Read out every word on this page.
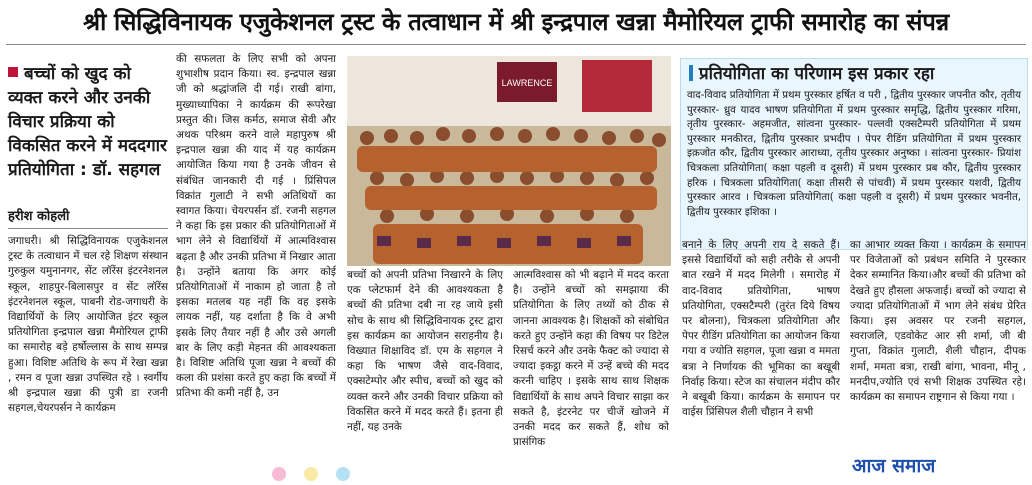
श्री सिद्धिविनायक एजुकेशनल ट्रस्ट के तत्वाधान में श्री इन्द्रपाल खन्ना मैमोरियल ट्राफी समारोह का संपन्न
बच्चों को खुद को व्यक्त करने और उनकी विचार प्रक्रिया को विकसित करने में मददगार प्रतियोगिता : डॉ. सहगल
हरीश कोहली
जगाधरी। श्री सिद्धिविनायक एजुकेशनल ट्रस्ट के तत्वाधान में चल रहे शिक्षण संस्थान गुरुकुल यमुनानगर, सेंट लॉरेंस इंटरनेशनल स्कूल, शाहपुर-बिलासपुर व सेंट लॉरेंस इंटरनेशनल स्कूल, पाबनी रोड-जगाधरी के विद्यार्थियों के लिए आयोजित इंटर स्कूल प्रतियोगिता इन्द्रपाल खन्ना मैमोरियल ट्राफी का समारोह बड़े हर्षोल्लास के साथ सम्पन्न हुआ। विशिष्ट अतिथि के रूप में रेखा खन्ना , रमन व पूजा खन्ना उपस्थित रहे । स्वर्गीय श्री इन्द्रपाल खन्ना की पुत्री डा रजनी सहगल,चेयरपर्सन ने कार्यक्रम
की सफलता के लिए सभी को अपना शुभाशीष प्रदान किया। स्व. इन्द्रपाल खन्ना जी को श्रद्धांजलि दी गई। राखी बांगा, मुख्याध्यापिका ने कार्यक्रम की रूपरेखा प्रस्तुत की। जिस कर्मठ, समाज सेवी और अथक परिश्रम करने वाले महापुरुष श्री इन्द्रपाल खन्ना की याद में यह कार्यक्रम आयोजित किया गया है उनके जीवन से संबंधित जानकारी दी गई । प्रिंसिपल विक्रांत गुलाटी ने सभी अतिथियों का स्वागत किया। चेयरपर्सन डॉ. रजनी सहगल ने कहा कि इस प्रकार की प्रतियोगिताओं में भाग लेने से विद्यार्थियों में आत्मविश्वास बढ़ता है और उनकी प्रतिभा में निखार आता है। उन्होंने बताया कि अगर कोई प्रतियोगिताओं में नाकाम हो जाता है तो इसका मतलब यह नहीं कि वह इसके लायक नहीं, यह दर्शाता है कि वे अभी इसके लिए तैयार नहीं है और उसे अगली बार के लिए कड़ी मेहनत की आवश्यकता है। विशिष्ट अतिथि पूजा खन्ना ने बच्चों की कला की प्रशंसा करते हुए कहा कि बच्चों में प्रतिभा की कमी नहीं है, उन
LAWRENCE	प्रतियोगिता का परिणाम इस प्रकार रहा
वाद-विवाद प्रतियोगिता में प्रथम पुरस्कार हर्षित व परी , द्वितीय पुरस्कार जपनीत कौर, तृतीय पुरस्कार- ध्रुव यादव भाषण प्रतियोगिता में प्रथम पुरस्कार समृद्धि, द्वितीय पुरस्कार गरिमा, तृतीय पुरस्कार- अहमजीत, सांत्वना पुरस्कार- पल्लवी एक्सटैम्परी प्रतियोगिता में प्रथम पुरस्कार मनकीरत, द्वितीय पुरस्कार प्रभदीप । पेपर रीडिंग प्रतियोगिता में प्रथम पुरस्कार इक़जोत कौर, द्वितीय पुरस्कार आराध्या, तृतीय पुरस्कार अनुष्का । सांत्वना पुरस्कार- प्रियांश चित्रकला प्रतियोगिता( कक्षा पहली व दूसरी) में प्रथम पुरस्कार प्रब कौर, द्वितीय पुरस्कार हरिक । चित्रकला प्रतियोगिता( कक्षा तीसरी से पांचवी) में प्रथम पुरस्कार यशवी, द्वितीय पुरस्कार आरव । चित्रकला प्रतियोगिता( कक्षा पहली व दूसरी) में प्रथम पुरस्कार भवनीत, द्वितीय पुरस्कार इशिका ।
बच्चों को अपनी प्रतिभा निखारने के लिए एक प्लेटफार्म देने की आवश्यकता है बच्चों की प्रतिभा दबी ना रह जाये इसी सोच के साथ श्री सिद्धिविनायक ट्रस्ट द्वारा इस कार्यक्रम का आयोजन सराहनीय है। विख्यात शिक्षाविद डॉ. एम के सहगल ने कहा कि भाषण जैसे वाद-विवाद, एक्सटेम्पोर और स्पीच, बच्चों को खुद को व्यक्त करने और उनकी विचार प्रक्रिया को विकसित करने में मदद करते हैं। इतना ही नहीं, यह उनके
आत्मविश्वास को भी बढ़ाने में मदद करता है। उन्होंने बच्चों को समझाया की प्रतियोगिता के लिए तथ्यों को ठीक से जानना आवश्यक है। शिक्षकों को संबोधित करते हुए उन्होंने कहा की विषय पर डिटेल रिसर्च करने और उनके फैक्ट को ज्यादा से ज्यादा इकट्ठा करने में उन्हें बच्चे की मदद करनी चाहिए । इसके साथ साथ शिक्षक विद्यार्थियों के साथ अपने विचार साझा कर सकते है, इंटरनेट पर चीजें खोजने में उनकी मदद कर सकते हैं, शोध को प्रासंगिक
बनाने के लिए अपनी राय दे सकते हैं। इससे विद्यार्थियों को सही तरीके से अपनी बात रखने में मदद मिलेगी । समारोह में वाद-विवाद प्रतियोगिता, भाषण प्रतियोगिता, एक्सटैम्परी (तुरंत दिये विषय पर बोलना), चित्रकला प्रतियोगिता और पेपर रीडिंग प्रतियोगिता का आयोजन किया गया व ज्योति सहगल, पूजा खन्ना व ममता बत्रा ने निर्णायक की भूमिका का बखूबी निर्वाह किया। स्टेज का संचालन मंदीप कौर ने बखूबी किया। कार्यक्रम के समापन पर वाईस प्रिंसिपल शैली चौहान ने सभी
का आभार व्यक्त किया । कार्यक्रम के समापन पर विजेताओं को प्रबंधन समिति ने पुरस्कार देकर सम्मानित किया।और बच्चों की प्रतिभा को देखते हुए हौसला अफजाई। बच्चों को ज्यादा से ज्यादा प्रतियोगिताओं में भाग लेने संबंध प्रेरित किया। इस अवसर पर रजनी सहगल, स्वराजलि, एडवोकेट आर सी शर्मा, जी बी गुप्ता, विक्रांत गुलाटी, शैली चौहान, दीपक शर्मा, ममता बत्रा, राखी बांगा, भावना, मीनू , मनदीप,ज्योति एवं सभी शिक्षक उपस्थित रहे। कार्यक्रम का समापन राष्ट्रगान से किया गया ।
आज समाज
